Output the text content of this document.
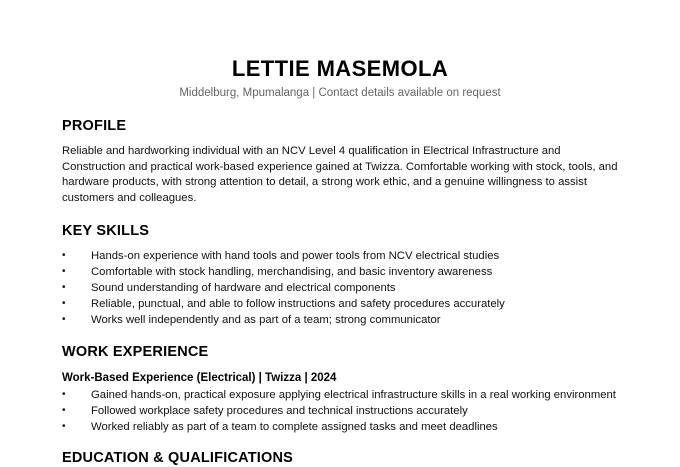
LETTIE MASEMOLA
Middelburg, Mpumalanga | Contact details available on request
PROFILE
Reliable and hardworking individual with an NCV Level 4 qualification in Electrical Infrastructure and Construction and practical work-based experience gained at Twizza. Comfortable working with stock, tools, and hardware products, with strong attention to detail, a strong work ethic, and a genuine willingness to assist customers and colleagues.
KEY SKILLS
•	Hands-on experience with hand tools and power tools from NCV electrical studies
•	Comfortable with stock handling, merchandising, and basic inventory awareness
•	Sound understanding of hardware and electrical components
•	Reliable, punctual, and able to follow instructions and safety procedures accurately
•	Works well independently and as part of a team; strong communicator
WORK EXPERIENCE
Work-Based Experience (Electrical) | Twizza | 2024
•	Gained hands-on, practical exposure applying electrical infrastructure skills in a real working environment
•	Followed workplace safety procedures and technical instructions accurately
•	Worked reliably as part of a team to complete assigned tasks and meet deadlines
EDUCATION & QUALIFICATIONS
